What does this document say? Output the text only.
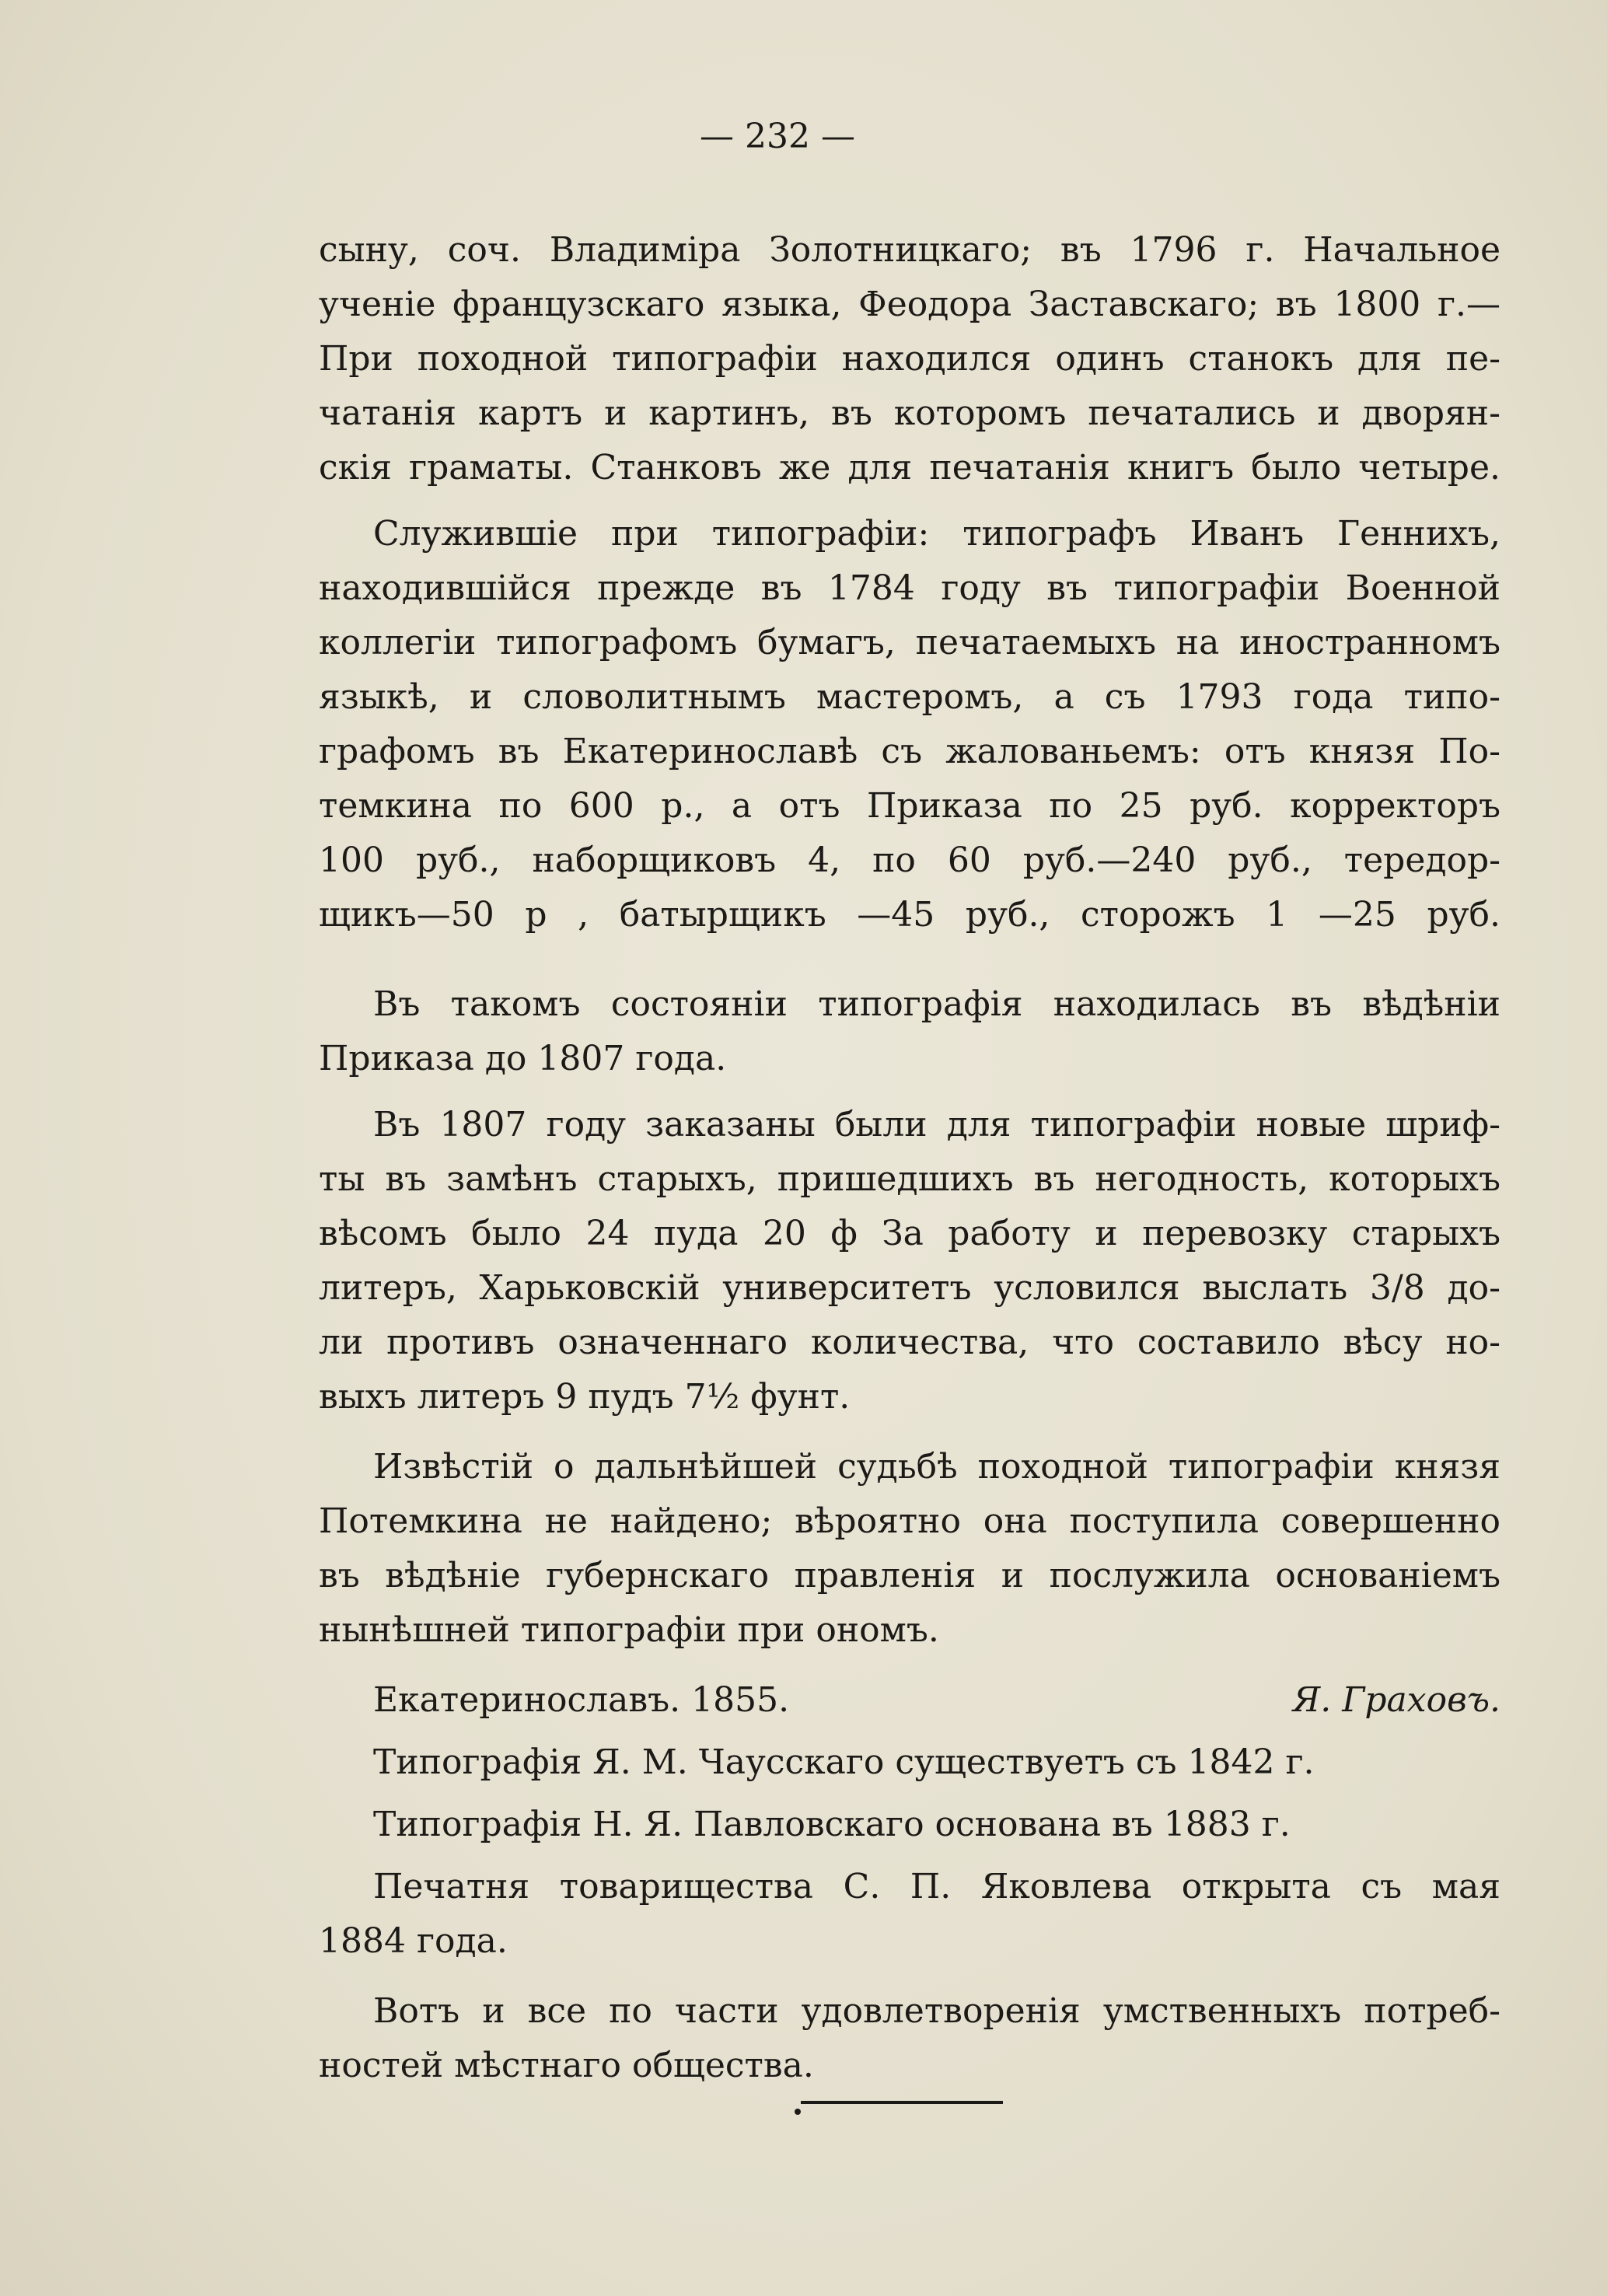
— 232 —
сыну, соч. Владиміра Золотницкаго; въ 1796 г. Начальное
ученіе французскаго языка, Феодора Заставскаго; въ 1800 г.—
При походной типографіи находился одинъ станокъ для пе-
чатанія картъ и картинъ, въ которомъ печатались и дворян-
скія граматы. Станковъ же для печатанія книгъ было четыре.
Служившіе при типографіи: типографъ Иванъ Геннихъ,
находившійся прежде въ 1784 году въ типографіи Военной
коллегіи типографомъ бумагъ, печатаемыхъ на иностранномъ
языкѣ, и словолитнымъ мастеромъ, а съ 1793 года типо-
графомъ въ Екатеринославѣ съ жалованьемъ: отъ князя По-
темкина по 600 р., а отъ Приказа по 25 руб. корректоръ
100 руб., наборщиковъ 4, по 60 руб.—240 руб., тередор-
щикъ—50 р , батырщикъ —45 руб., сторожъ 1 —25 руб.
Въ такомъ состояніи типографія находилась въ вѣдѣніи
Приказа до 1807 года.
Въ 1807 году заказаны были для типографіи новые шриф-
ты въ замѣнъ старыхъ, пришедшихъ въ негодность, которыхъ
вѣсомъ было 24 пуда 20 ф За работу и перевозку старыхъ
литеръ, Харьковскій университетъ условился выслать 3/8 до-
ли противъ означеннаго количества, что составило вѣсу но-
выхъ литеръ 9 пудъ 7½ фунт.
Извѣстій о дальнѣйшей судьбѣ походной типографіи князя
Потемкина не найдено; вѣроятно она поступила совершенно
въ вѣдѣніе губернскаго правленія и послужила основаніемъ
нынѣшней типографіи при ономъ.
Екатеринославъ. 1855.	Я. Граховъ.
Типографія Я. М. Чаусскаго существуетъ съ 1842 г.
Типографія Н. Я. Павловскаго основана въ 1883 г.
Печатня товарищества С. П. Яковлева открыта съ мая
1884 года.
Вотъ и все по части удовлетворенія умственныхъ потреб-
ностей мѣстнаго общества.
